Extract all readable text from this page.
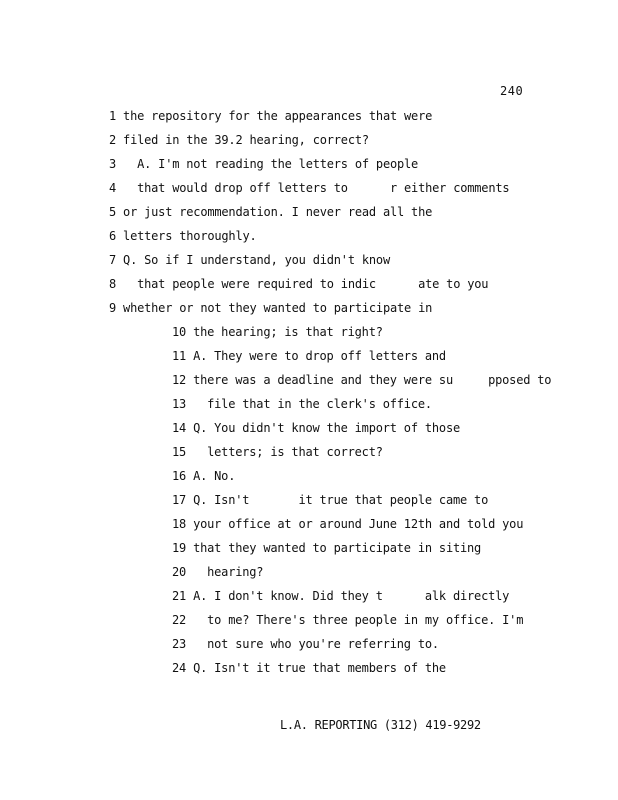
240
1 the repository for the appearances that were
2 filed in the 39.2 hearing, correct?
3   A. I'm not reading the letters of people
4   that would drop off letters to      r either comments
5 or just recommendation. I never read all the
6 letters thoroughly.
7 Q. So if I understand, you didn't know
8   that people were required to indic      ate to you
9 whether or not they wanted to participate in
10 the hearing; is that right?
11 A. They were to drop off letters and
12 there was a deadline and they were su     pposed to
13   file that in the clerk's office.
14 Q. You didn't know the import of those
15   letters; is that correct?
16 A. No.
17 Q. Isn't       it true that people came to
18 your office at or around June 12th and told you
19 that they wanted to participate in siting
20   hearing?
21 A. I don't know. Did they t      alk directly
22   to me? There's three people in my office. I'm
23   not sure who you're referring to.
24 Q. Isn't it true that members of the
L.A. REPORTING (312) 419-9292
